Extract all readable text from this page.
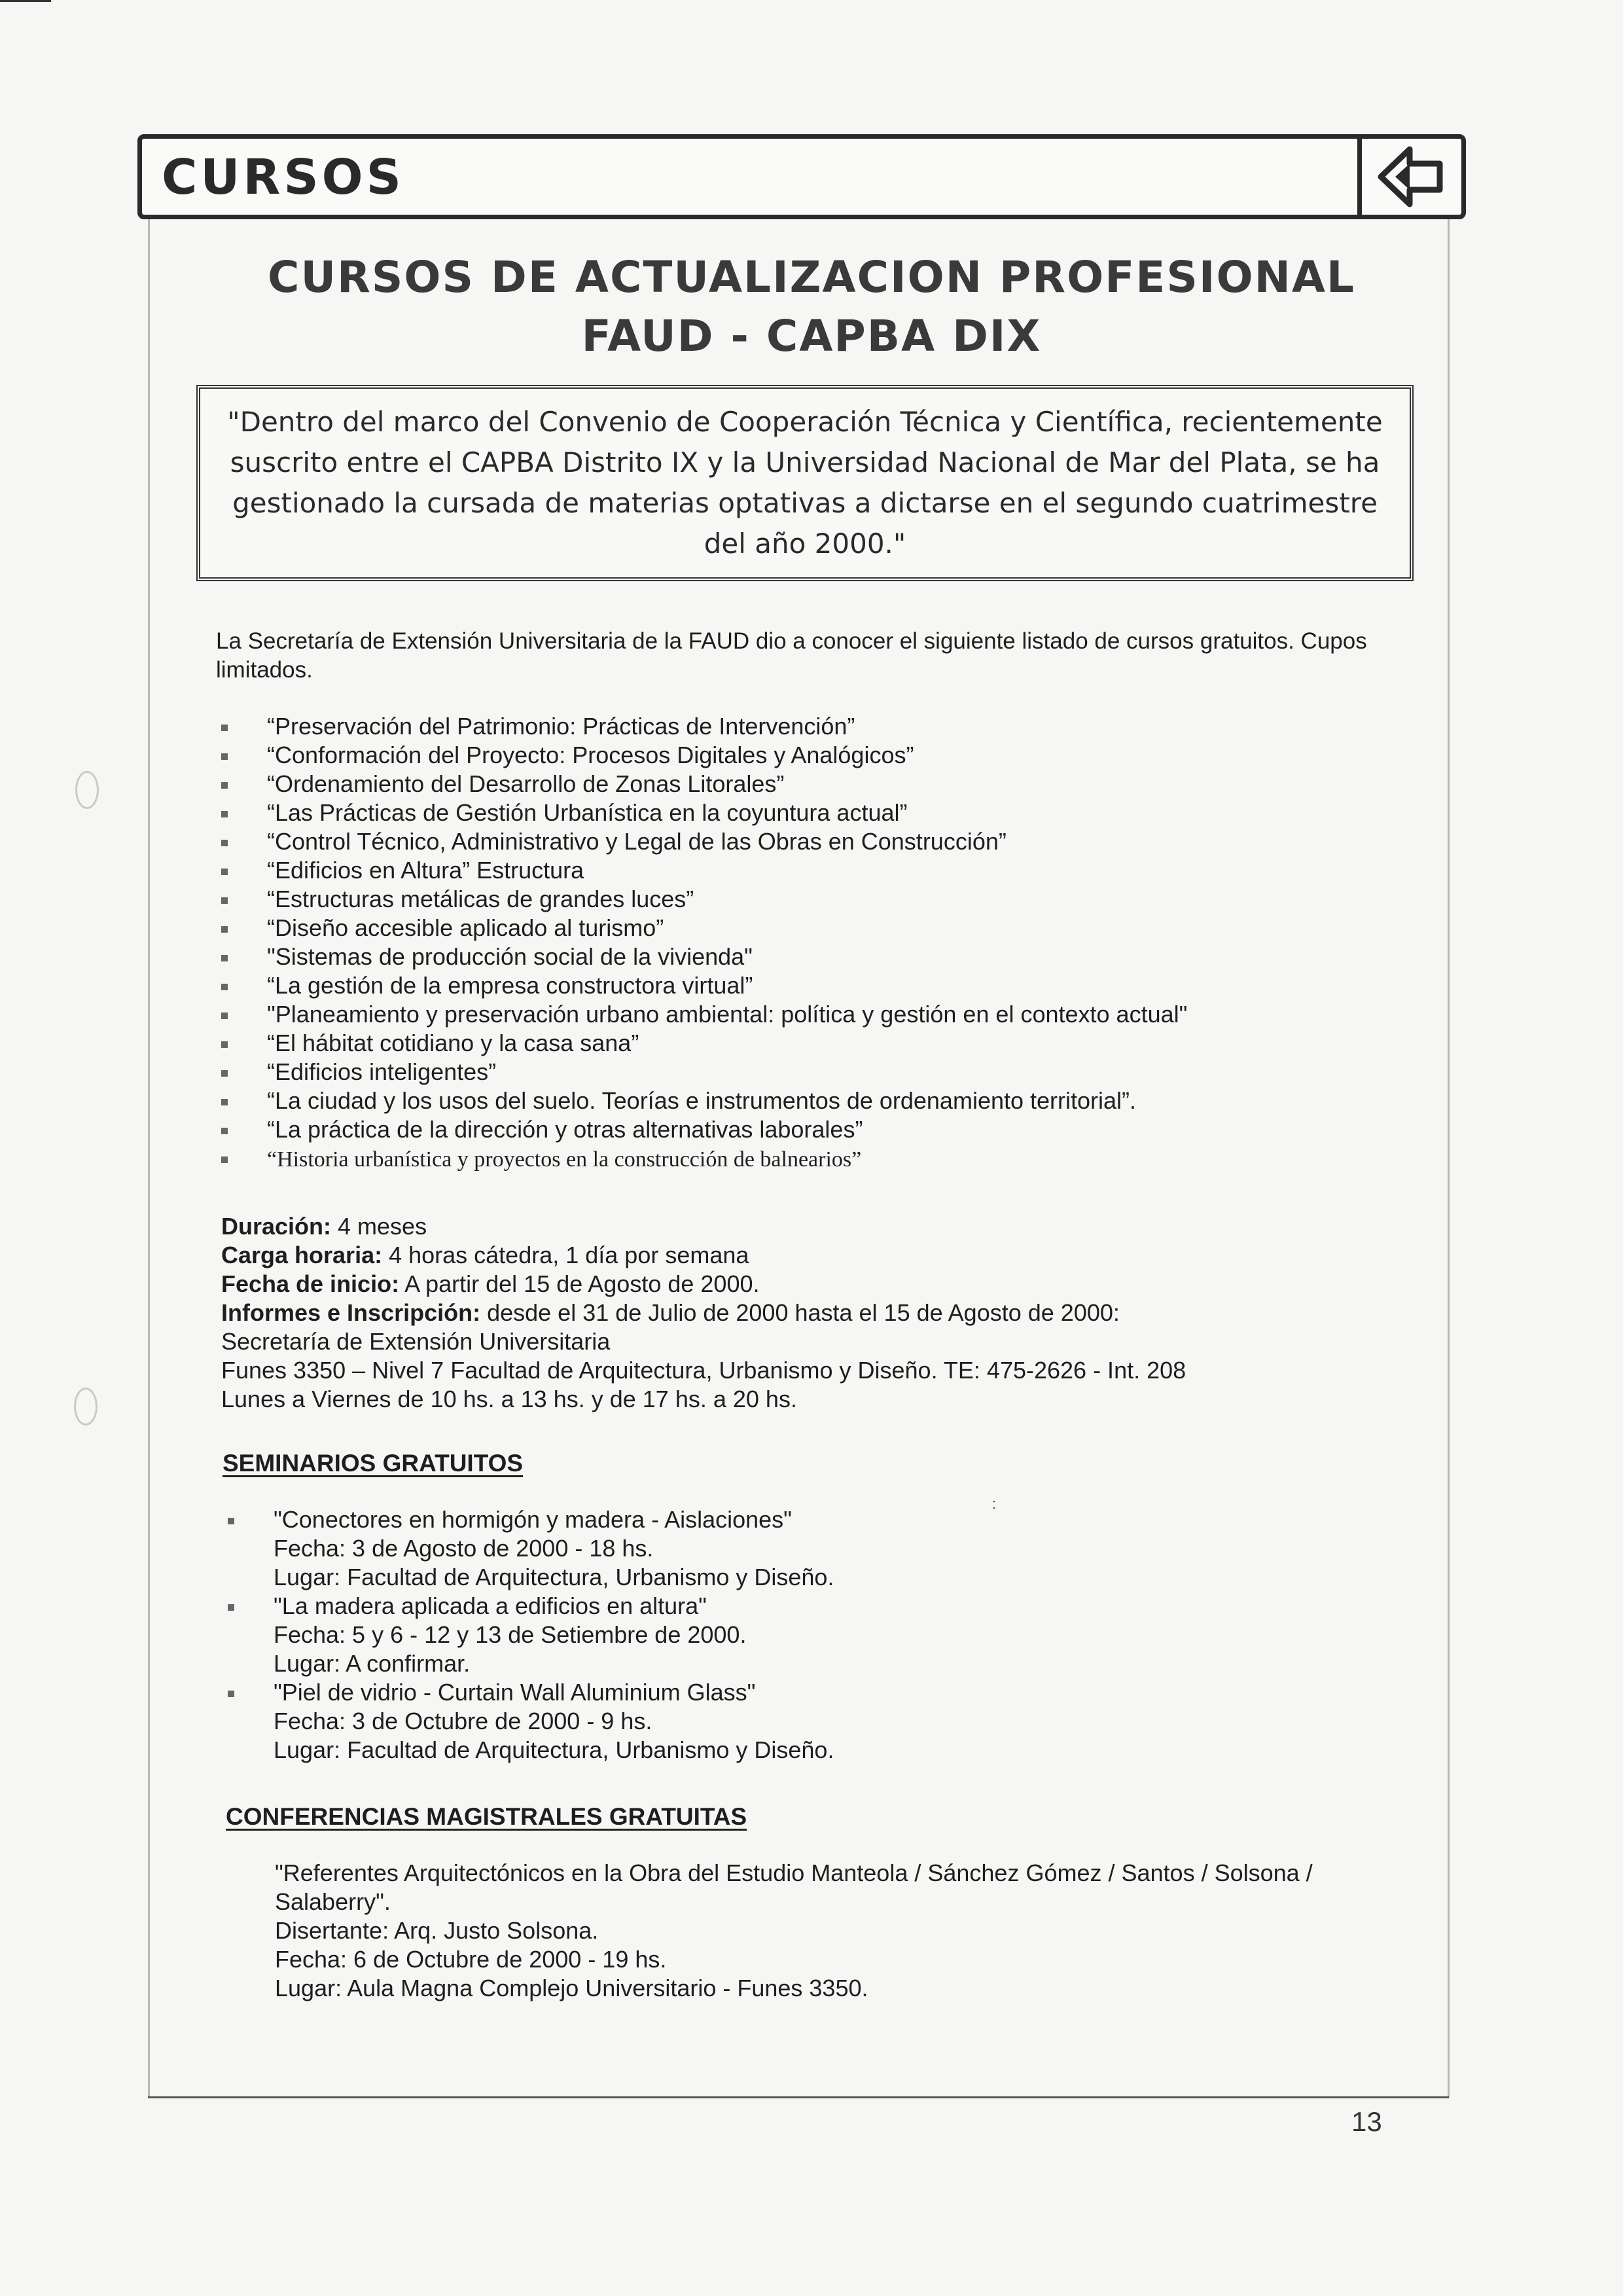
CURSOS
CURSOS DE ACTUALIZACION PROFESIONAL
FAUD - CAPBA DIX
"Dentro del marco del Convenio de Cooperación Técnica y Científica, recientemente suscrito entre el CAPBA Distrito IX y la Universidad Nacional de Mar del Plata, se ha gestionado la cursada de materias optativas a dictarse en el segundo cuatrimestre del año 2000."
La Secretaría de Extensión Universitaria de la FAUD dio a conocer el siguiente listado de cursos gratuitos. Cupos limitados.
“Preservación del Patrimonio: Prácticas de Intervención”
“Conformación del Proyecto: Procesos Digitales y Analógicos”
“Ordenamiento del Desarrollo de Zonas Litorales”
“Las Prácticas de Gestión Urbanística en la coyuntura actual”
“Control Técnico, Administrativo y Legal de las Obras en Construcción”
“Edificios en Altura” Estructura
“Estructuras metálicas de grandes luces”
“Diseño accesible aplicado al turismo”
"Sistemas de producción social de la vivienda"
“La gestión de la empresa constructora virtual”
"Planeamiento y preservación urbano ambiental: política y gestión en el contexto actual"
“El hábitat cotidiano y la casa sana”
“Edificios inteligentes”
“La ciudad y los usos del suelo. Teorías e instrumentos de ordenamiento territorial”.
“La práctica de la dirección y otras alternativas laborales”
“Historia urbanística y proyectos en la construcción de balnearios”
Duración: 4 meses
Carga horaria: 4 horas cátedra, 1 día por semana
Fecha de inicio: A partir del 15 de Agosto de 2000.
Informes e Inscripción: desde el 31 de Julio de 2000 hasta el 15 de Agosto de 2000:
Secretaría de Extensión Universitaria
Funes 3350 – Nivel 7 Facultad de Arquitectura, Urbanismo y Diseño. TE: 475-2626 - Int. 208
Lunes a Viernes de 10 hs. a 13 hs. y de 17 hs. a 20 hs.
SEMINARIOS GRATUITOS
:
"Conectores en hormigón y madera - Aislaciones"
Fecha: 3 de Agosto de 2000 - 18 hs.
Lugar: Facultad de Arquitectura, Urbanismo y Diseño.
"La madera aplicada a edificios en altura"
Fecha: 5 y 6 - 12 y 13 de Setiembre de 2000.
Lugar: A confirmar.
"Piel de vidrio - Curtain Wall Aluminium Glass"
Fecha: 3 de Octubre de 2000 - 9 hs.
Lugar: Facultad de Arquitectura, Urbanismo y Diseño.
CONFERENCIAS MAGISTRALES GRATUITAS
"Referentes Arquitectónicos en la Obra del Estudio Manteola / Sánchez Gómez / Santos / Solsona / Salaberry".
Disertante: Arq. Justo Solsona.
Fecha: 6 de Octubre de 2000 - 19 hs.
Lugar: Aula Magna Complejo Universitario - Funes 3350.
13
